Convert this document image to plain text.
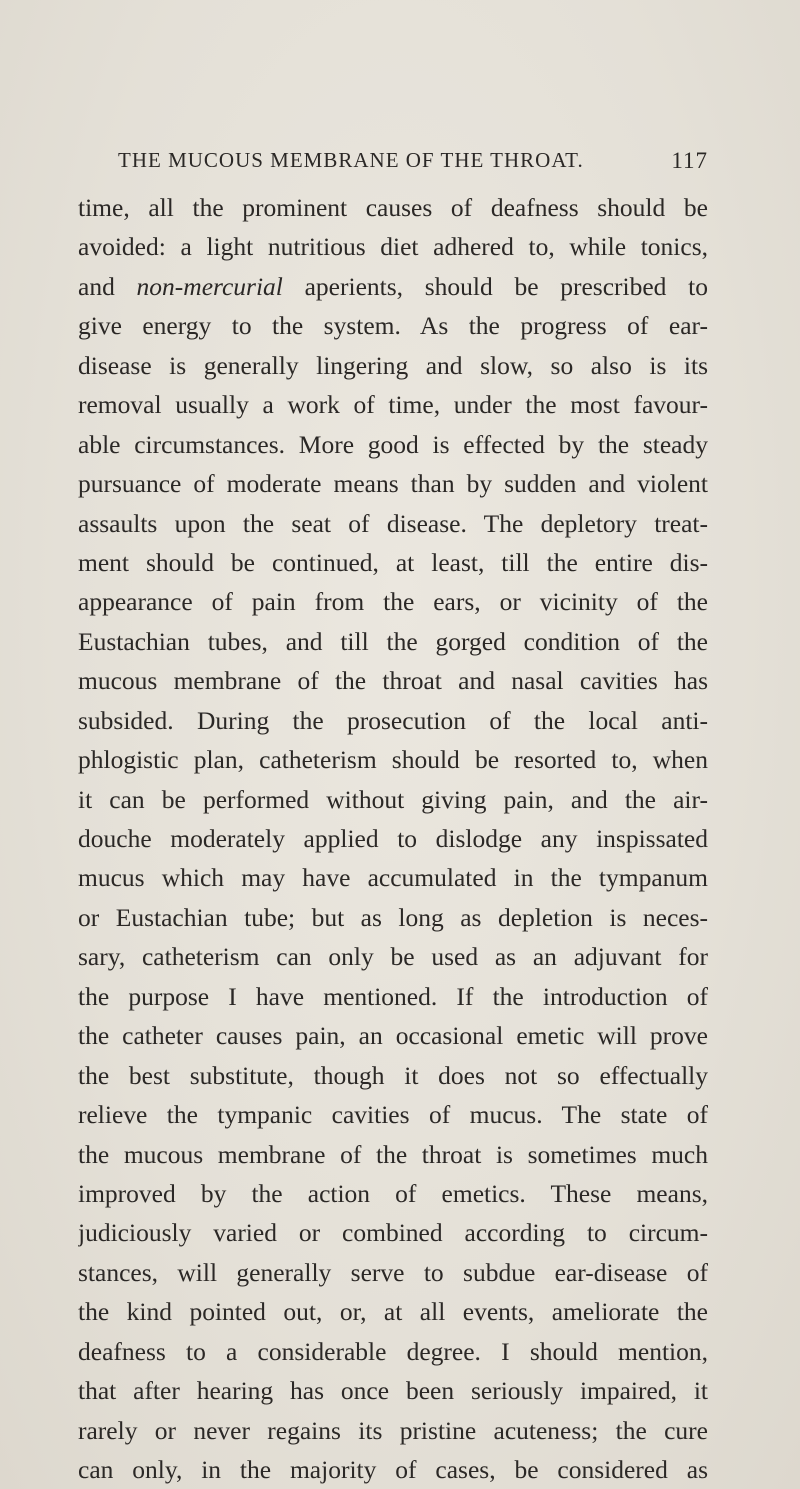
THE MUCOUS MEMBRANE OF THE THROAT.	117
time, all the prominent causes of deafness should be
avoided: a light nutritious diet adhered to, while tonics,
and non-mercurial aperients, should be prescribed to
give energy to the system. As the progress of ear-
disease is generally lingering and slow, so also is its
removal usually a work of time, under the most favour-
able circumstances. More good is effected by the steady
pursuance of moderate means than by sudden and violent
assaults upon the seat of disease. The depletory treat-
ment should be continued, at least, till the entire dis-
appearance of pain from the ears, or vicinity of the
Eustachian tubes, and till the gorged condition of the
mucous membrane of the throat and nasal cavities has
subsided. During the prosecution of the local anti-
phlogistic plan, catheterism should be resorted to, when
it can be performed without giving pain, and the air-
douche moderately applied to dislodge any inspissated
mucus which may have accumulated in the tympanum
or Eustachian tube; but as long as depletion is neces-
sary, catheterism can only be used as an adjuvant for
the purpose I have mentioned. If the introduction of
the catheter causes pain, an occasional emetic will prove
the best substitute, though it does not so effectually
relieve the tympanic cavities of mucus. The state of
the mucous membrane of the throat is sometimes much
improved by the action of emetics. These means,
judiciously varied or combined according to circum-
stances, will generally serve to subdue ear-disease of
the kind pointed out, or, at all events, ameliorate the
deafness to a considerable degree. I should mention,
that after hearing has once been seriously impaired, it
rarely or never regains its pristine acuteness; the cure
can only, in the majority of cases, be considered as
